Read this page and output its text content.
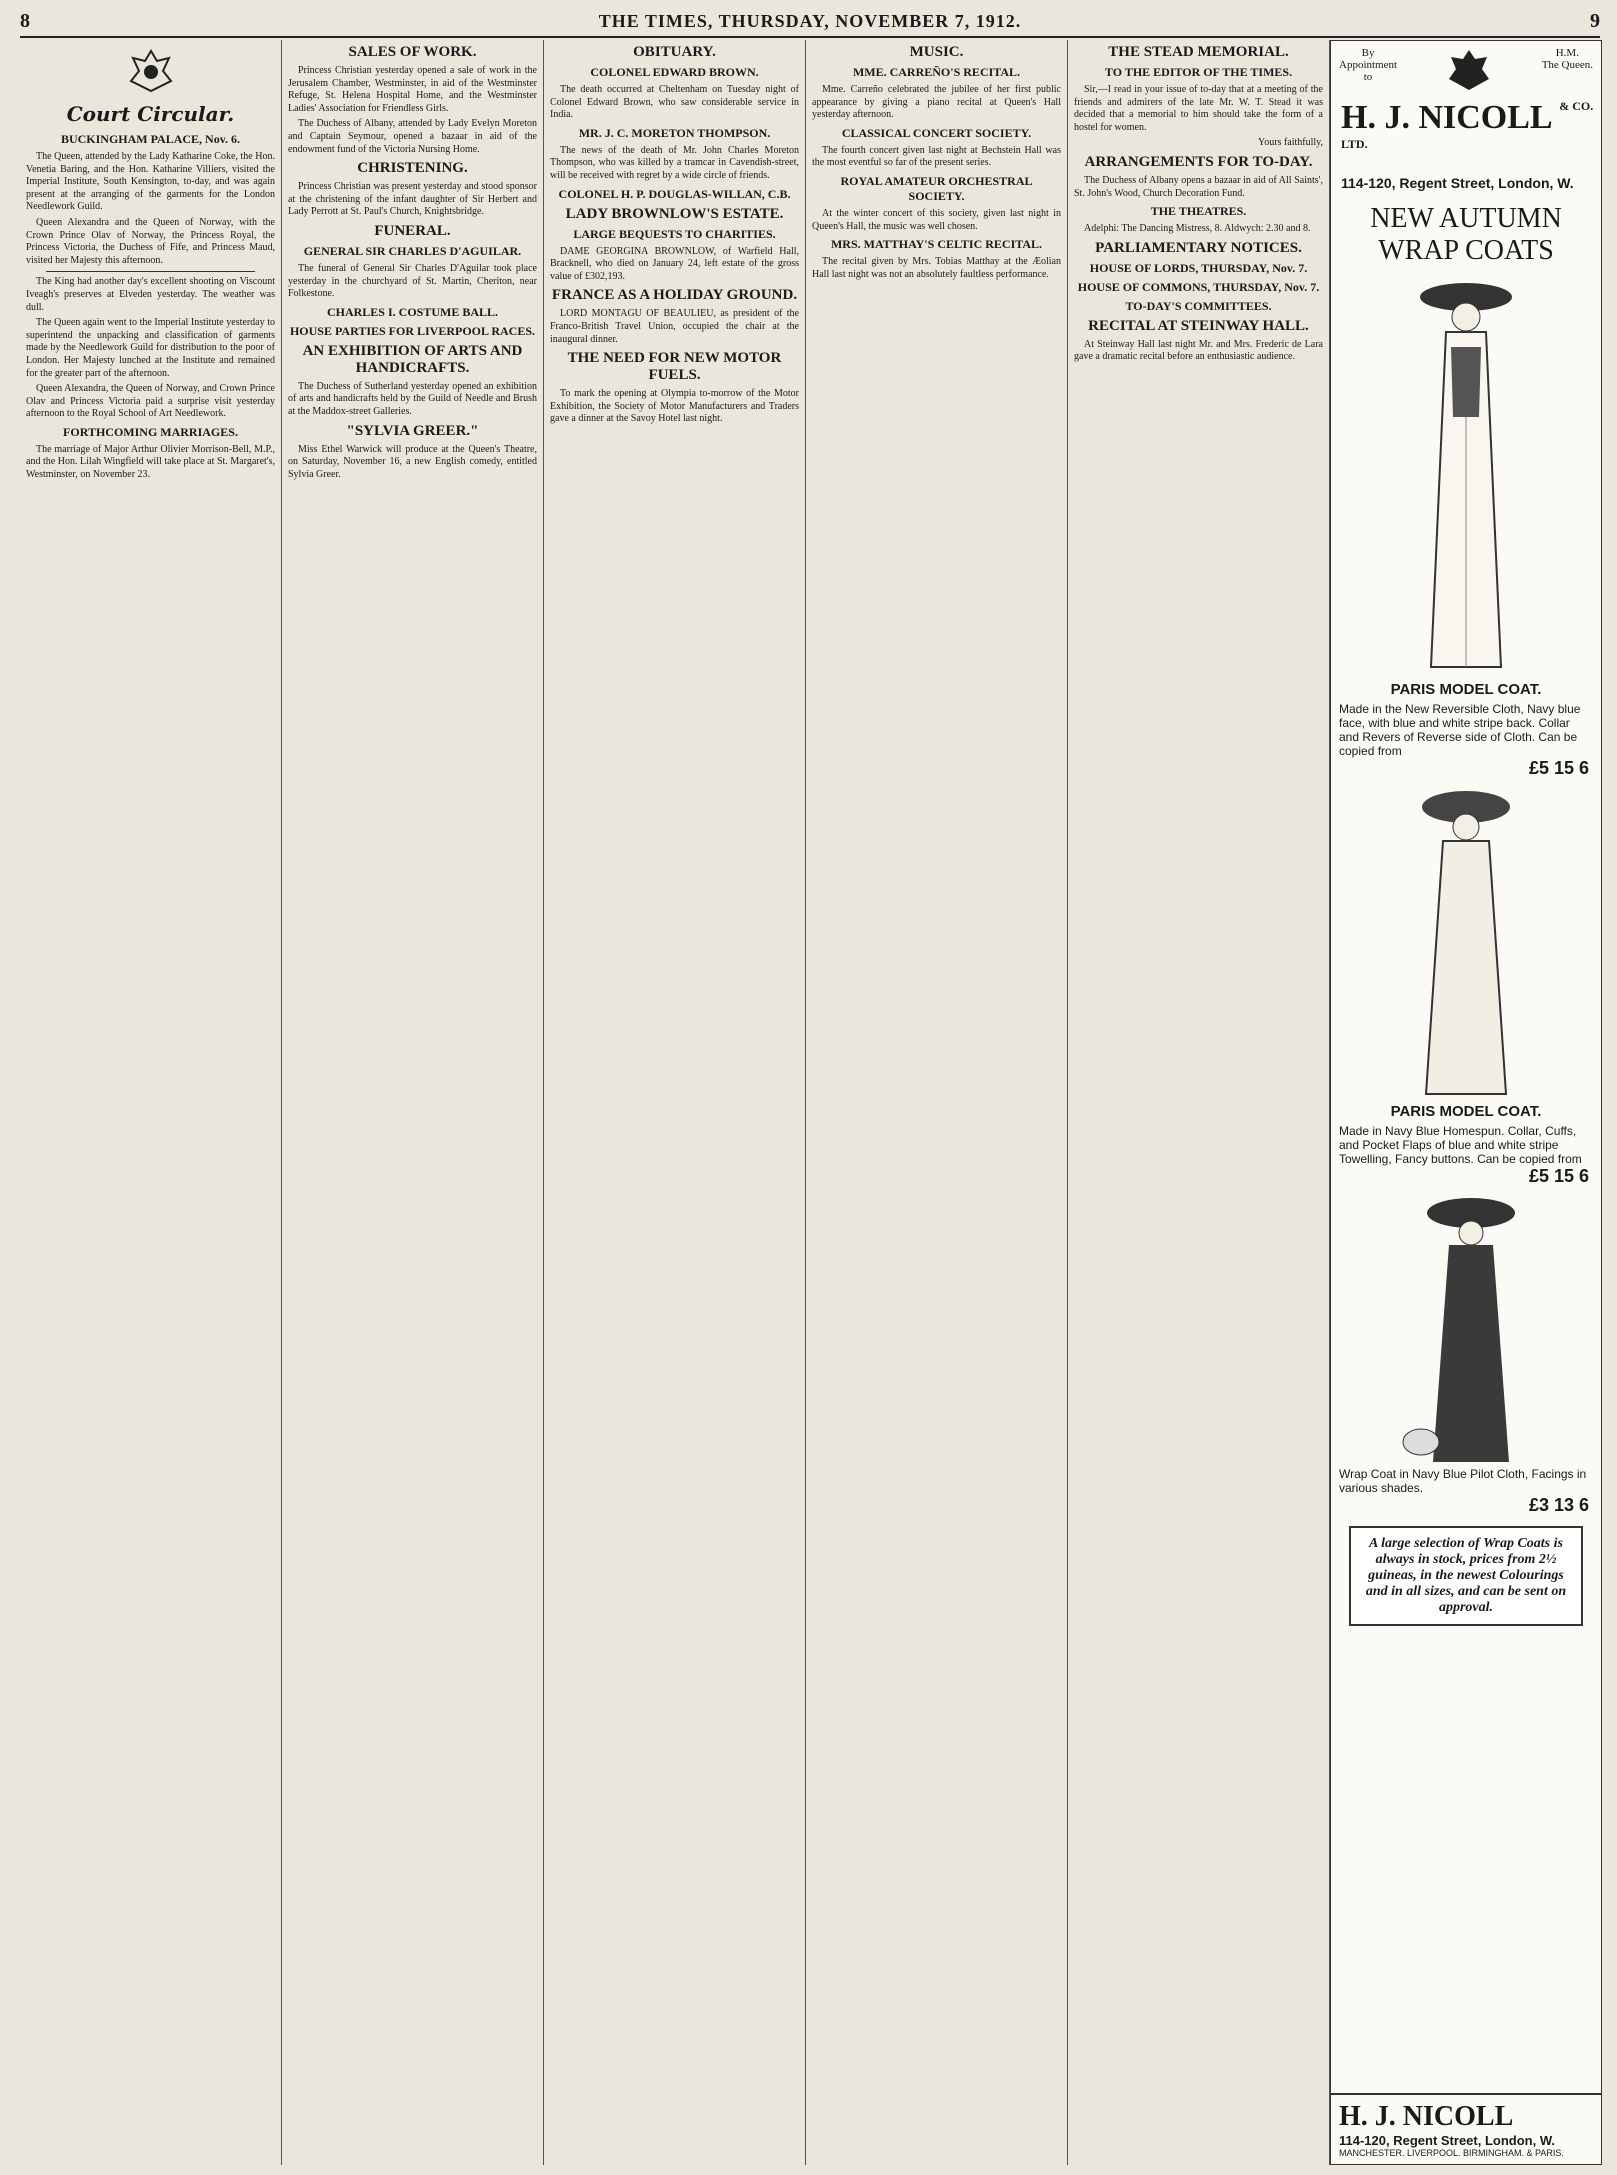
8	THE TIMES, THURSDAY, NOVEMBER 7, 1912.	9
Court Circular.
BUCKINGHAM PALACE, Nov. 6.

The Queen, attended by the Lady Katharine Coke, the Hon. Venetia Baring, and the Hon. Katharine Villiers, visited the Imperial Institute, South Kensington, to-day, and was again present at the arranging of the garments for the London Needlework Guild.

Queen Alexandra and the Queen of Norway, with the Crown Prince Olav of Norway, the Princess Royal, the Princess Victoria, the Duchess of Fife, and Princess Maud, visited her Majesty this afternoon.

The King had another day's excellent shooting on Viscount Iveagh's preserves at Elveden yesterday. The weather was dull.

The Queen again went to the Imperial Institute yesterday to superintend the unpacking and classification of garments made by the Needlework Guild for distribution to the poor of London. Her Majesty lunched at the Institute and remained for the greater part of the afternoon.

Queen Alexandra, the Queen of Norway, and Crown Prince Olav and Princess Victoria paid a surprise visit yesterday afternoon to the Royal School of Art Needlework.

FORTHCOMING MARRIAGES.

The marriage of Major Arthur Olivier Morrison-Bell, M.P., and the Hon. Lilah Wingfield will take place at St. Margaret's, Westminster, on November 23.

SALES OF WORK.

Princess Christian yesterday opened a sale of work in the Jerusalem Chamber, Westminster, in aid of the Westminster Refuge, St. Helena Hospital Home, and the Westminster Ladies' Association for Friendless Girls.

The Duchess of Albany, attended by Lady Evelyn Moreton and Captain Seymour, opened a bazaar in aid of the endowment fund of the Victoria Nursing Home.

CHRISTENING.

Princess Christian was present yesterday and stood sponsor at the christening of the infant daughter of Sir Herbert and Lady Perrott at St. Paul's Church, Knightsbridge.

FUNERAL.
GENERAL SIR CHARLES D'AGUILAR.

The funeral of General Sir Charles D'Aguilar took place yesterday in the churchyard of St. Martin, Cheriton, near Folkestone.

CHARLES I. COSTUME BALL.
HOUSE PARTIES FOR LIVERPOOL RACES.
AN EXHIBITION OF ARTS AND HANDICRAFTS.

The Duchess of Sutherland yesterday opened an exhibition of arts and handicrafts held by the Guild of Needle and Brush at the Maddox-street Galleries.

"SYLVIA GREER."

Miss Ethel Warwick will produce at the Queen's Theatre, on Saturday, November 16, a new English comedy, entitled Sylvia Greer.

OBITUARY.
COLONEL EDWARD BROWN.

The death occurred at Cheltenham on Tuesday night of Colonel Edward Brown, who saw considerable service in India.

MR. J. C. MORETON THOMPSON.

The news of the death of Mr. John Charles Moreton Thompson, who was killed by a tramcar in Cavendish-street, will be received with regret by a wide circle of friends.

COLONEL H. P. DOUGLAS-WILLAN, C.B.
LADY BROWNLOW'S ESTATE.
LARGE BEQUESTS TO CHARITIES.

DAME GEORGINA BROWNLOW, of Warfield Hall, Bracknell, who died on January 24, left estate of the gross value of £302,193.

FRANCE AS A HOLIDAY GROUND.

LORD MONTAGU OF BEAULIEU, as president of the Franco-British Travel Union, occupied the chair at the inaugural dinner.

THE NEED FOR NEW MOTOR FUELS.

To mark the opening at Olympia to-morrow of the Motor Exhibition, the Society of Motor Manufacturers and Traders gave a dinner at the Savoy Hotel last night.

MUSIC.
MME. CARREÑO'S RECITAL.

Mme. Carreño celebrated the jubilee of her first public appearance by giving a piano recital at Queen's Hall yesterday afternoon.

CLASSICAL CONCERT SOCIETY.

The fourth concert given last night at Bechstein Hall was the most eventful so far of the present series.

ROYAL AMATEUR ORCHESTRAL SOCIETY.

At the winter concert of this society, given last night in Queen's Hall, the music was well chosen.

MRS. MATTHAY'S CELTIC RECITAL.

The recital given by Mrs. Tobias Matthay at the Æolian Hall last night was not an absolutely faultless performance.

THE STEAD MEMORIAL.
TO THE EDITOR OF THE TIMES.

Sir,—I read in your issue of to-day that at a meeting of the friends and admirers of the late Mr. W. T. Stead it was decided that a memorial to him should take the form of a hostel for women.

Yours faithfully,

ARRANGEMENTS FOR TO-DAY.

The Duchess of Albany opens a bazaar in aid of All Saints', St. John's Wood, Church Decoration Fund.

THE THEATRES.

Adelphi: The Dancing Mistress, 8. Aldwych: 2.30 and 8.

PARLIAMENTARY NOTICES.
HOUSE OF LORDS, THURSDAY, Nov. 7.
HOUSE OF COMMONS, THURSDAY, Nov. 7.
TO-DAY'S COMMITTEES.
RECITAL AT STEINWAY HALL.

At Steinway Hall last night Mr. and Mrs. Frederic de Lara gave a dramatic recital before an enthusiastic audience.

By
Appointment
to
H.M.
The Queen.
H. J. NICOLL $^{\& CO. LTD.}$
114-120, Regent Street, London, W.
NEW AUTUMN
WRAP COATS
PARIS MODEL COAT.
Made in the New Reversible Cloth, Navy blue face, with blue and white stripe back. Collar and Revers of Reverse side of Cloth. Can be copied from
£5 15 6
PARIS MODEL COAT.
Made in Navy Blue Homespun. Collar, Cuffs, and Pocket Flaps of blue and white stripe Towelling, Fancy buttons. Can be copied from
£5 15 6
Wrap Coat in Navy Blue Pilot Cloth, Facings in various shades.
£3 13 6
A large selection of Wrap Coats is always in stock, prices from 2½ guineas, in the newest Colourings and in all sizes, and can be sent on approval.
H. J. NICOLL
114-120, Regent Street, London, W.
MANCHESTER. LIVERPOOL. BIRMINGHAM. & PARIS.
